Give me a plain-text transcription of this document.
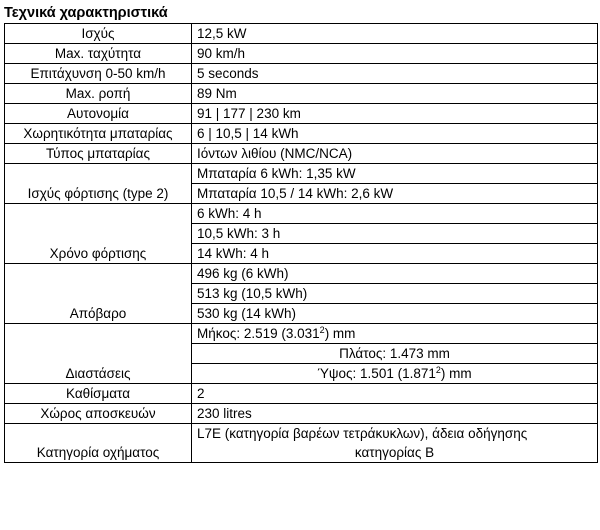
Τεχνικά χαρακτηριστικά
Ισχύς	12,5 kW
Max. ταχύτητα	90 km/h
Επιτάχυνση 0-50 km/h	5 seconds
Max. ροπή	89 Nm
Αυτονομία	91 | 177 | 230 km
Χωρητικότητα μπαταρίας	6 | 10,5 | 14 kWh
Τύπος μπαταρίας	Ιόντων λιθίου (NMC/NCA)
Ισχύς φόρτισης (type 2)	Μπαταρία 6 kWh: 1,35 kW
	Μπαταρία 10,5 / 14 kWh: 2,6 kW
Χρόνο φόρτισης	6 kWh: 4 h
	10,5 kWh: 3 h
	14 kWh: 4 h
Απόβαρο	496 kg (6 kWh)
	513 kg (10,5 kWh)
	530 kg (14 kWh)
Διαστάσεις	Μήκος: 2.519 (3.031$^2$) mm
	Πλάτος: 1.473 mm
	Ύψος: 1.501 (1.871$^2$) mm
Καθίσματα	2
Χώρος αποσκευών	230 litres
Κατηγορία οχήματος	L7E (κατηγορία βαρέων τετράκυκλων), άδεια οδήγησης
κατηγορίας B
